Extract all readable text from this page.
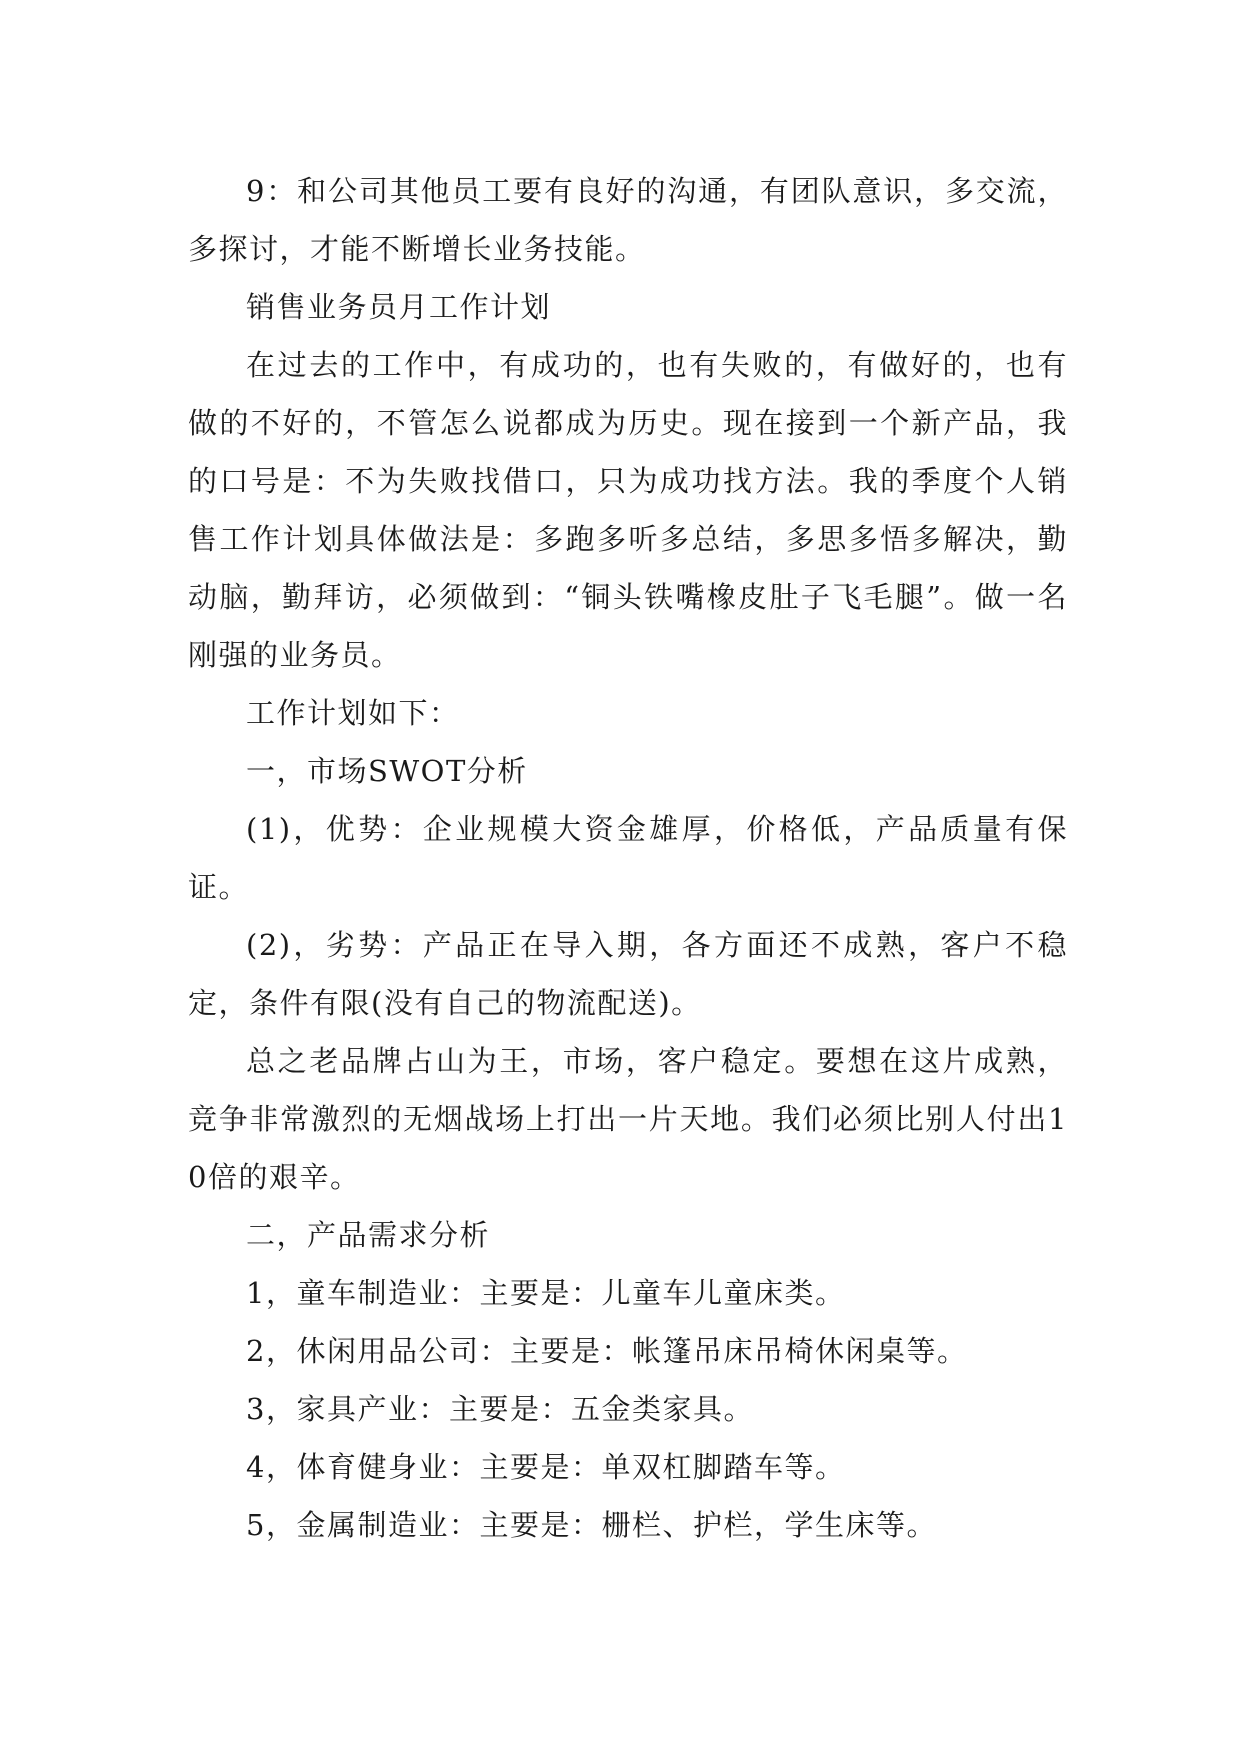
9：和公司其他员工要有良好的沟通，有团队意识，多交流，多探讨，才能不断增长业务技能。

销售业务员月工作计划

在过去的工作中，有成功的，也有失败的，有做好的，也有做的不好的，不管怎么说都成为历史。现在接到一个新产品，我的口号是：不为失败找借口，只为成功找方法。我的季度个人销售工作计划具体做法是：多跑多听多总结，多思多悟多解决，勤动脑，勤拜访，必须做到：“铜头铁嘴橡皮肚子飞毛腿”。做一名刚强的业务员。

工作计划如下：

一，市场SWOT分析

(1)，优势：企业规模大资金雄厚，价格低，产品质量有保证。

(2)，劣势：产品正在导入期，各方面还不成熟，客户不稳定，条件有限(没有自己的物流配送)。

总之老品牌占山为王，市场，客户稳定。要想在这片成熟，竞争非常激烈的无烟战场上打出一片天地。我们必须比别人付出10倍的艰辛。

二，产品需求分析

1，童车制造业：主要是：儿童车儿童床类。

2，休闲用品公司：主要是：帐篷吊床吊椅休闲桌等。

3，家具产业：主要是：五金类家具。

4，体育健身业：主要是：单双杠脚踏车等。

5，金属制造业：主要是：栅栏、护栏，学生床等。
